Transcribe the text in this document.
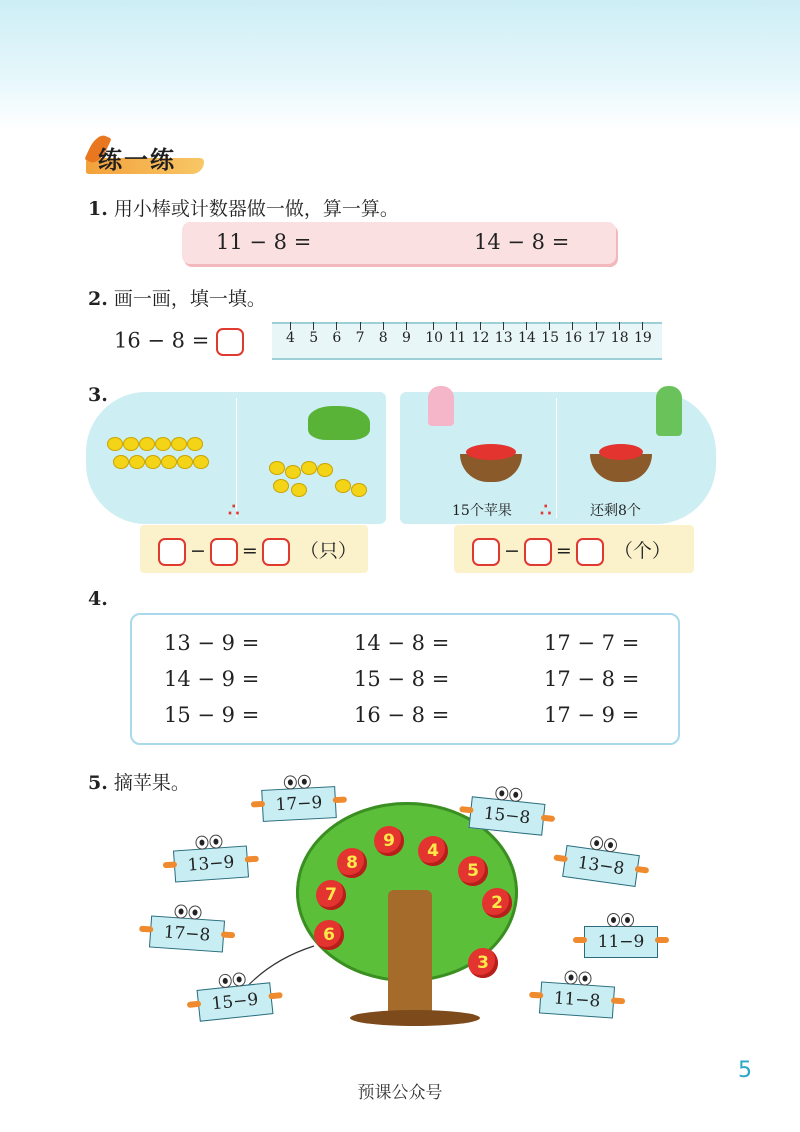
练一练
1. 用小棒或计数器做一做，算一算。
11 − 8 =	14 − 8 =
2. 画一画，填一填。
16 − 8 =	4 5 6 7 8 9 10 11 12 13 14 15 16 17 18 19
3.
∴
− = （只）
15个苹果	还剩8个
∴
− = （个）
4.
13 − 9 =	14 − 8 =	17 − 7 =
14 − 9 =	15 − 8 =	17 − 8 =
15 − 9 =	16 − 8 =	17 − 9 =
5. 摘苹果。
8
9	4
5
7	2
6
3
17−9	15−8
13−9	13−8
17−8	11−9
15−9	11−8
5
预课公众号
